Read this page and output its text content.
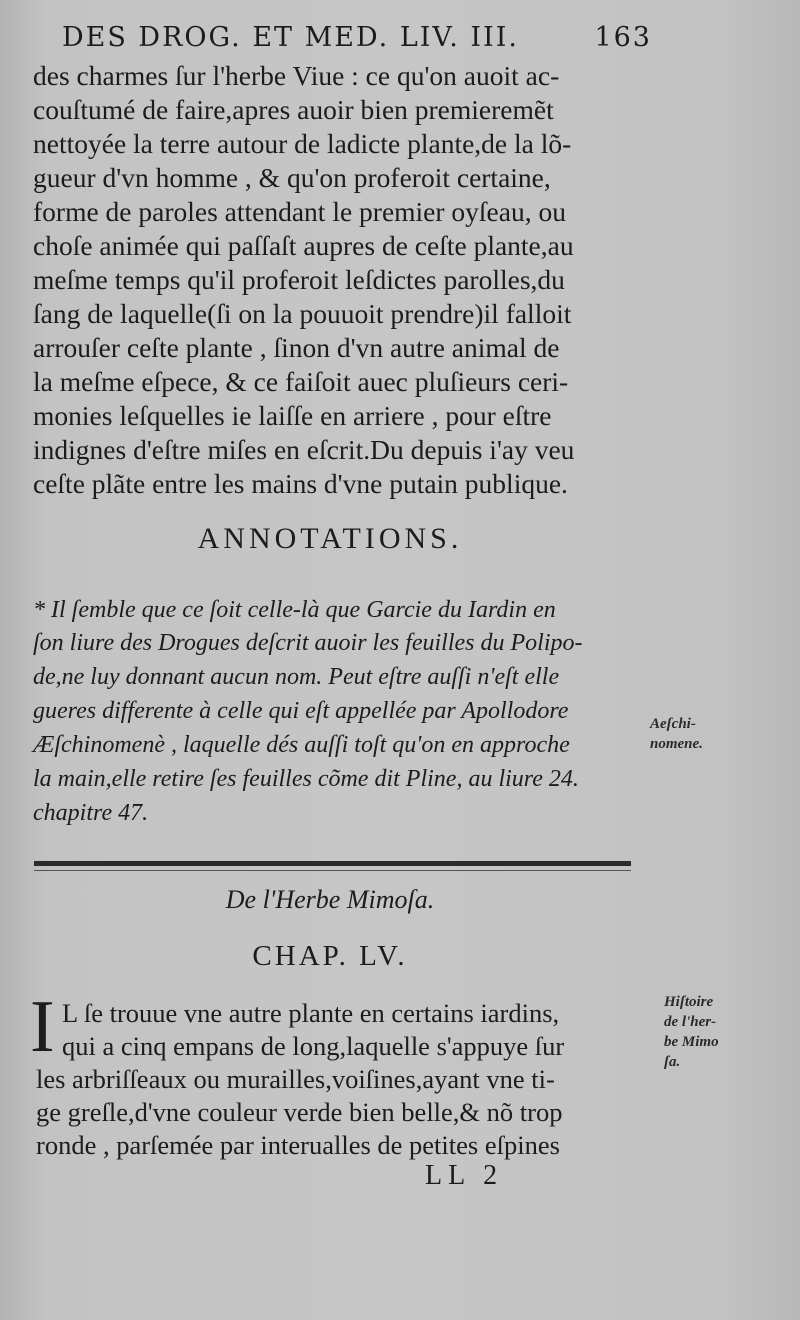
DES DROG. ET MED. LIV. III.	163
des charmes ſur l'herbe Viue : ce qu'on auoit ac-
couſtumé de faire,apres auoir bien premieremẽt
nettoyée la terre autour de ladicte plante,de la lõ-
gueur d'vn homme , & qu'on proferoit certaine,
forme de paroles attendant le premier oyſeau, ou
choſe animée qui paſſaſt aupres de ceſte plante,au
meſme temps qu'il proferoit leſdictes parolles,du
ſang de laquelle(ſi on la pouuoit prendre)il falloit
arrouſer ceſte plante , ſinon d'vn autre animal de
la meſme eſpece, & ce faiſoit auec pluſieurs ceri-
monies leſquelles ie laiſſe en arriere , pour eſtre
indignes d'eſtre miſes en eſcrit.Du depuis i'ay veu
ceſte plãte entre les mains d'vne putain publique.
ANNOTATIONS.
* Il ſemble que ce ſoit celle-là que Garcie du Iardin en
ſon liure des Drogues deſcrit auoir les feuilles du Polipo-
de,ne luy donnant aucun nom. Peut eſtre auſſi n'eſt elle
gueres differente à celle qui eſt appellée par Apollodore
Æſchinomenè , laquelle dés auſſi toſt qu'on en approche
la main,elle retire ſes feuilles cõme dit Pline, au liure 24.
chapitre 47.
Aeſchi-
nomene.
De l'Herbe Mimoſa.
CHAP. LV.
I L ſe trouue vne autre plante en certains iardins,
qui a cinq empans de long,laquelle s'appuye ſur
les arbriſſeaux ou murailles,voiſines,ayant vne ti-
ge greſle,d'vne couleur verde bien belle,& nõ trop
ronde , parſemée par interualles de petites eſpines
Hiſtoire
de l'her-
be Mimo
ſa.
LL 2
